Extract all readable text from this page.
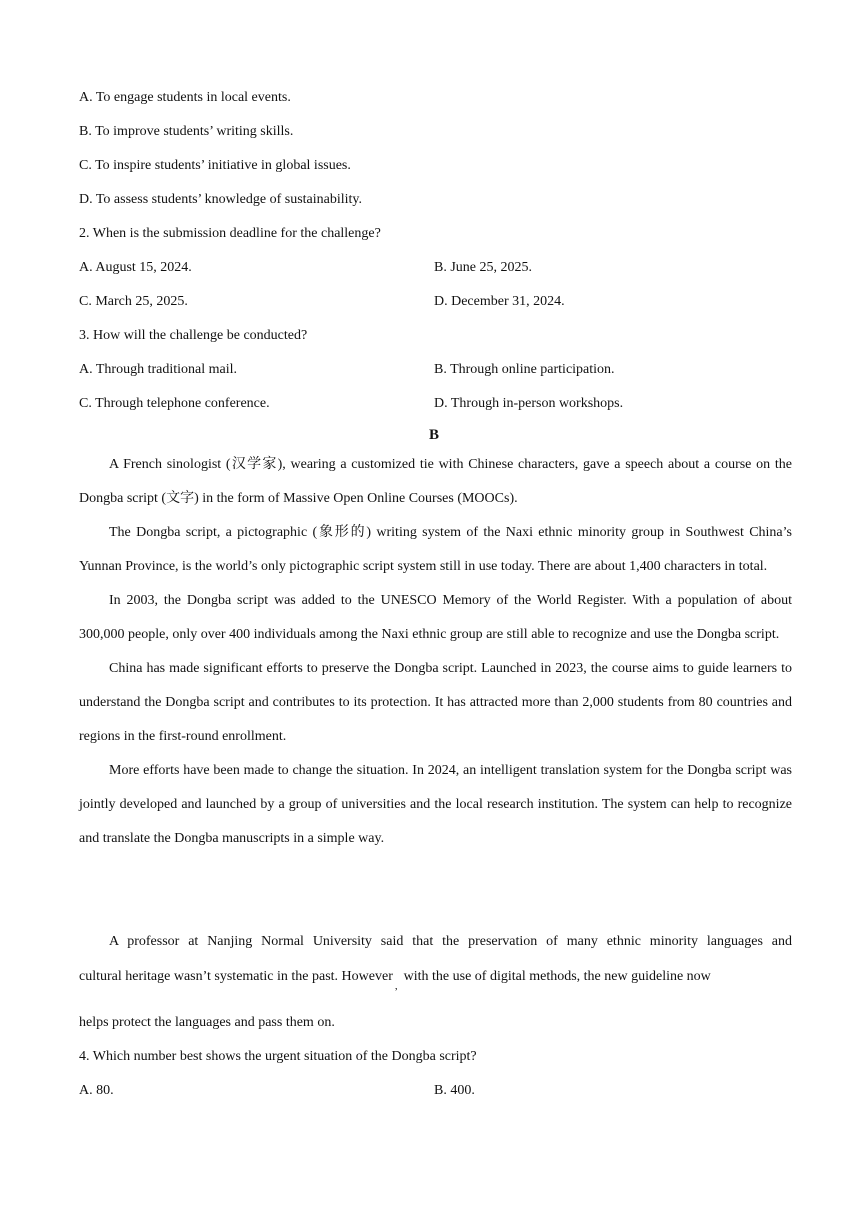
A. To engage students in local events.
B. To improve students’ writing skills.
C. To inspire students’ initiative in global issues.
D. To assess students’ knowledge of sustainability.
2. When is the submission deadline for the challenge?
A. August 15, 2024.	B. June 25, 2025.
C. March 25, 2025.	D. December 31, 2024.
3. How will the challenge be conducted?
A. Through traditional mail.	B. Through online participation.
C. Through telephone conference.	D. Through in-person workshops.
B

A French sinologist (汉学家), wearing a customized tie with Chinese characters, gave a speech about a course on the Dongba script (文字) in the form of Massive Open Online Courses (MOOCs).

The Dongba script, a pictographic (象形的) writing system of the Naxi ethnic minority group in Southwest China’s Yunnan Province, is the world’s only pictographic script system still in use today. There are about 1,400 characters in total.

In 2003, the Dongba script was added to the UNESCO Memory of the World Register. With a population of about 300,000 people, only over 400 individuals among the Naxi ethnic group are still able to recognize and use the Dongba script.

China has made significant efforts to preserve the Dongba script. Launched in 2023, the course aims to guide learners to understand the Dongba script and contributes to its protection. It has attracted more than 2,000 students from 80 countries and regions in the first-round enrollment.

More efforts have been made to change the situation. In 2024, an intelligent translation system for the Dongba script was jointly developed and launched by a group of universities and the local research institution. The system can help to recognize and translate the Dongba manuscripts in a simple way.

A professor at Nanjing Normal University said that the preservation of many ethnic minority languages and

cultural heritage wasn’t systematic in the past. However,with the use of digital methods, the new guideline now
helps protect the languages and pass them on.
4. Which number best shows the urgent situation of the Dongba script?
A. 80.	B. 400.
